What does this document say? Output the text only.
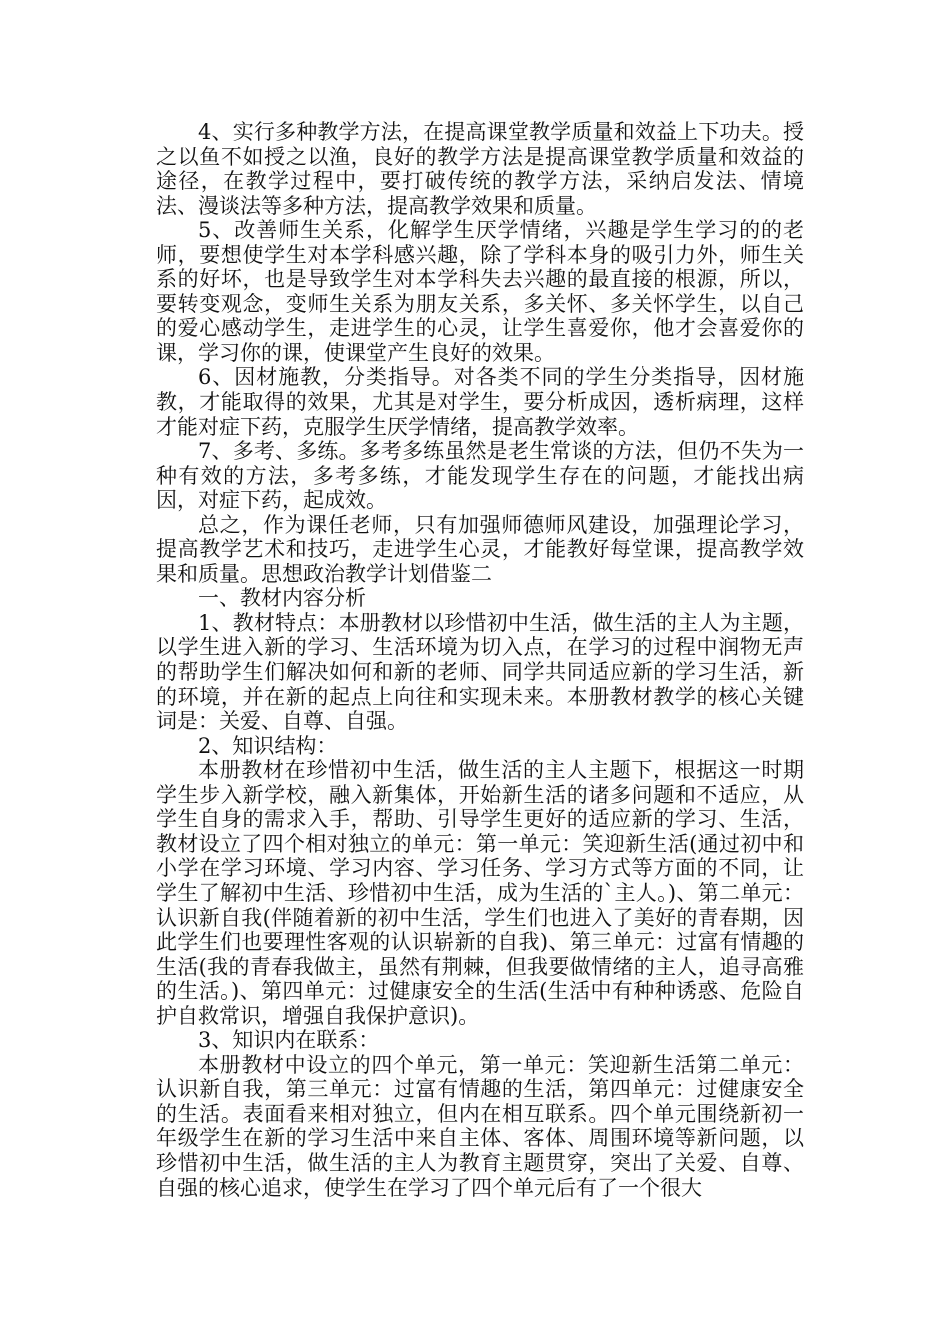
4、实行多种教学方法，在提高课堂教学质量和效益上下功夫。授之以鱼不如授之以渔，良好的教学方法是提高课堂教学质量和效益的途径，在教学过程中，要打破传统的教学方法，采纳启发法、情境法、漫谈法等多种方法，提高教学效果和质量。

5、改善师生关系，化解学生厌学情绪，兴趣是学生学习的的老师，要想使学生对本学科感兴趣，除了学科本身的吸引力外，师生关系的好坏，也是导致学生对本学科失去兴趣的最直接的根源，所以，要转变观念，变师生关系为朋友关系，多关怀、多关怀学生，以自己的爱心感动学生，走进学生的心灵，让学生喜爱你，他才会喜爱你的课，学习你的课，使课堂产生良好的效果。

6、因材施教，分类指导。对各类不同的学生分类指导，因材施教，才能取得的效果，尤其是对学生，要分析成因，透析病理，这样才能对症下药，克服学生厌学情绪，提高教学效率。

7、多考、多练。多考多练虽然是老生常谈的方法，但仍不失为一种有效的方法，多考多练，才能发现学生存在的问题，才能找出病因，对症下药，起成效。

总之，作为课任老师，只有加强师德师风建设，加强理论学习，提高教学艺术和技巧，走进学生心灵，才能教好每堂课，提高教学效果和质量。思想政治教学计划借鉴二

一、教材内容分析

1、教材特点：本册教材以珍惜初中生活，做生活的主人为主题，以学生进入新的学习、生活环境为切入点，在学习的过程中润物无声的帮助学生们解决如何和新的老师、同学共同适应新的学习生活，新的环境，并在新的起点上向往和实现未来。本册教材教学的核心关键词是：关爱、自尊、自强。

2、知识结构：

本册教材在珍惜初中生活，做生活的主人主题下，根据这一时期学生步入新学校，融入新集体，开始新生活的诸多问题和不适应，从学生自身的需求入手，帮助、引导学生更好的适应新的学习、生活，教材设立了四个相对独立的单元：第一单元：笑迎新生活(通过初中和小学在学习环境、学习内容、学习任务、学习方式等方面的不同，让学生了解初中生活、珍惜初中生活，成为生活的`主人。)、第二单元：认识新自我(伴随着新的初中生活，学生们也进入了美好的青春期，因此学生们也要理性客观的认识崭新的自我)、第三单元：过富有情趣的生活(我的青春我做主，虽然有荆棘，但我要做情绪的主人，追寻高雅的生活。)、第四单元：过健康安全的生活(生活中有种种诱惑、危险自护自救常识，增强自我保护意识)。

3、知识内在联系：

本册教材中设立的四个单元，第一单元：笑迎新生活第二单元：认识新自我，第三单元：过富有情趣的生活，第四单元：过健康安全的生活。表面看来相对独立，但内在相互联系。四个单元围绕新初一年级学生在新的学习生活中来自主体、客体、周围环境等新问题，以珍惜初中生活，做生活的主人为教育主题贯穿，突出了关爱、自尊、自强的核心追求，使学生在学习了四个单元后有了一个很大
